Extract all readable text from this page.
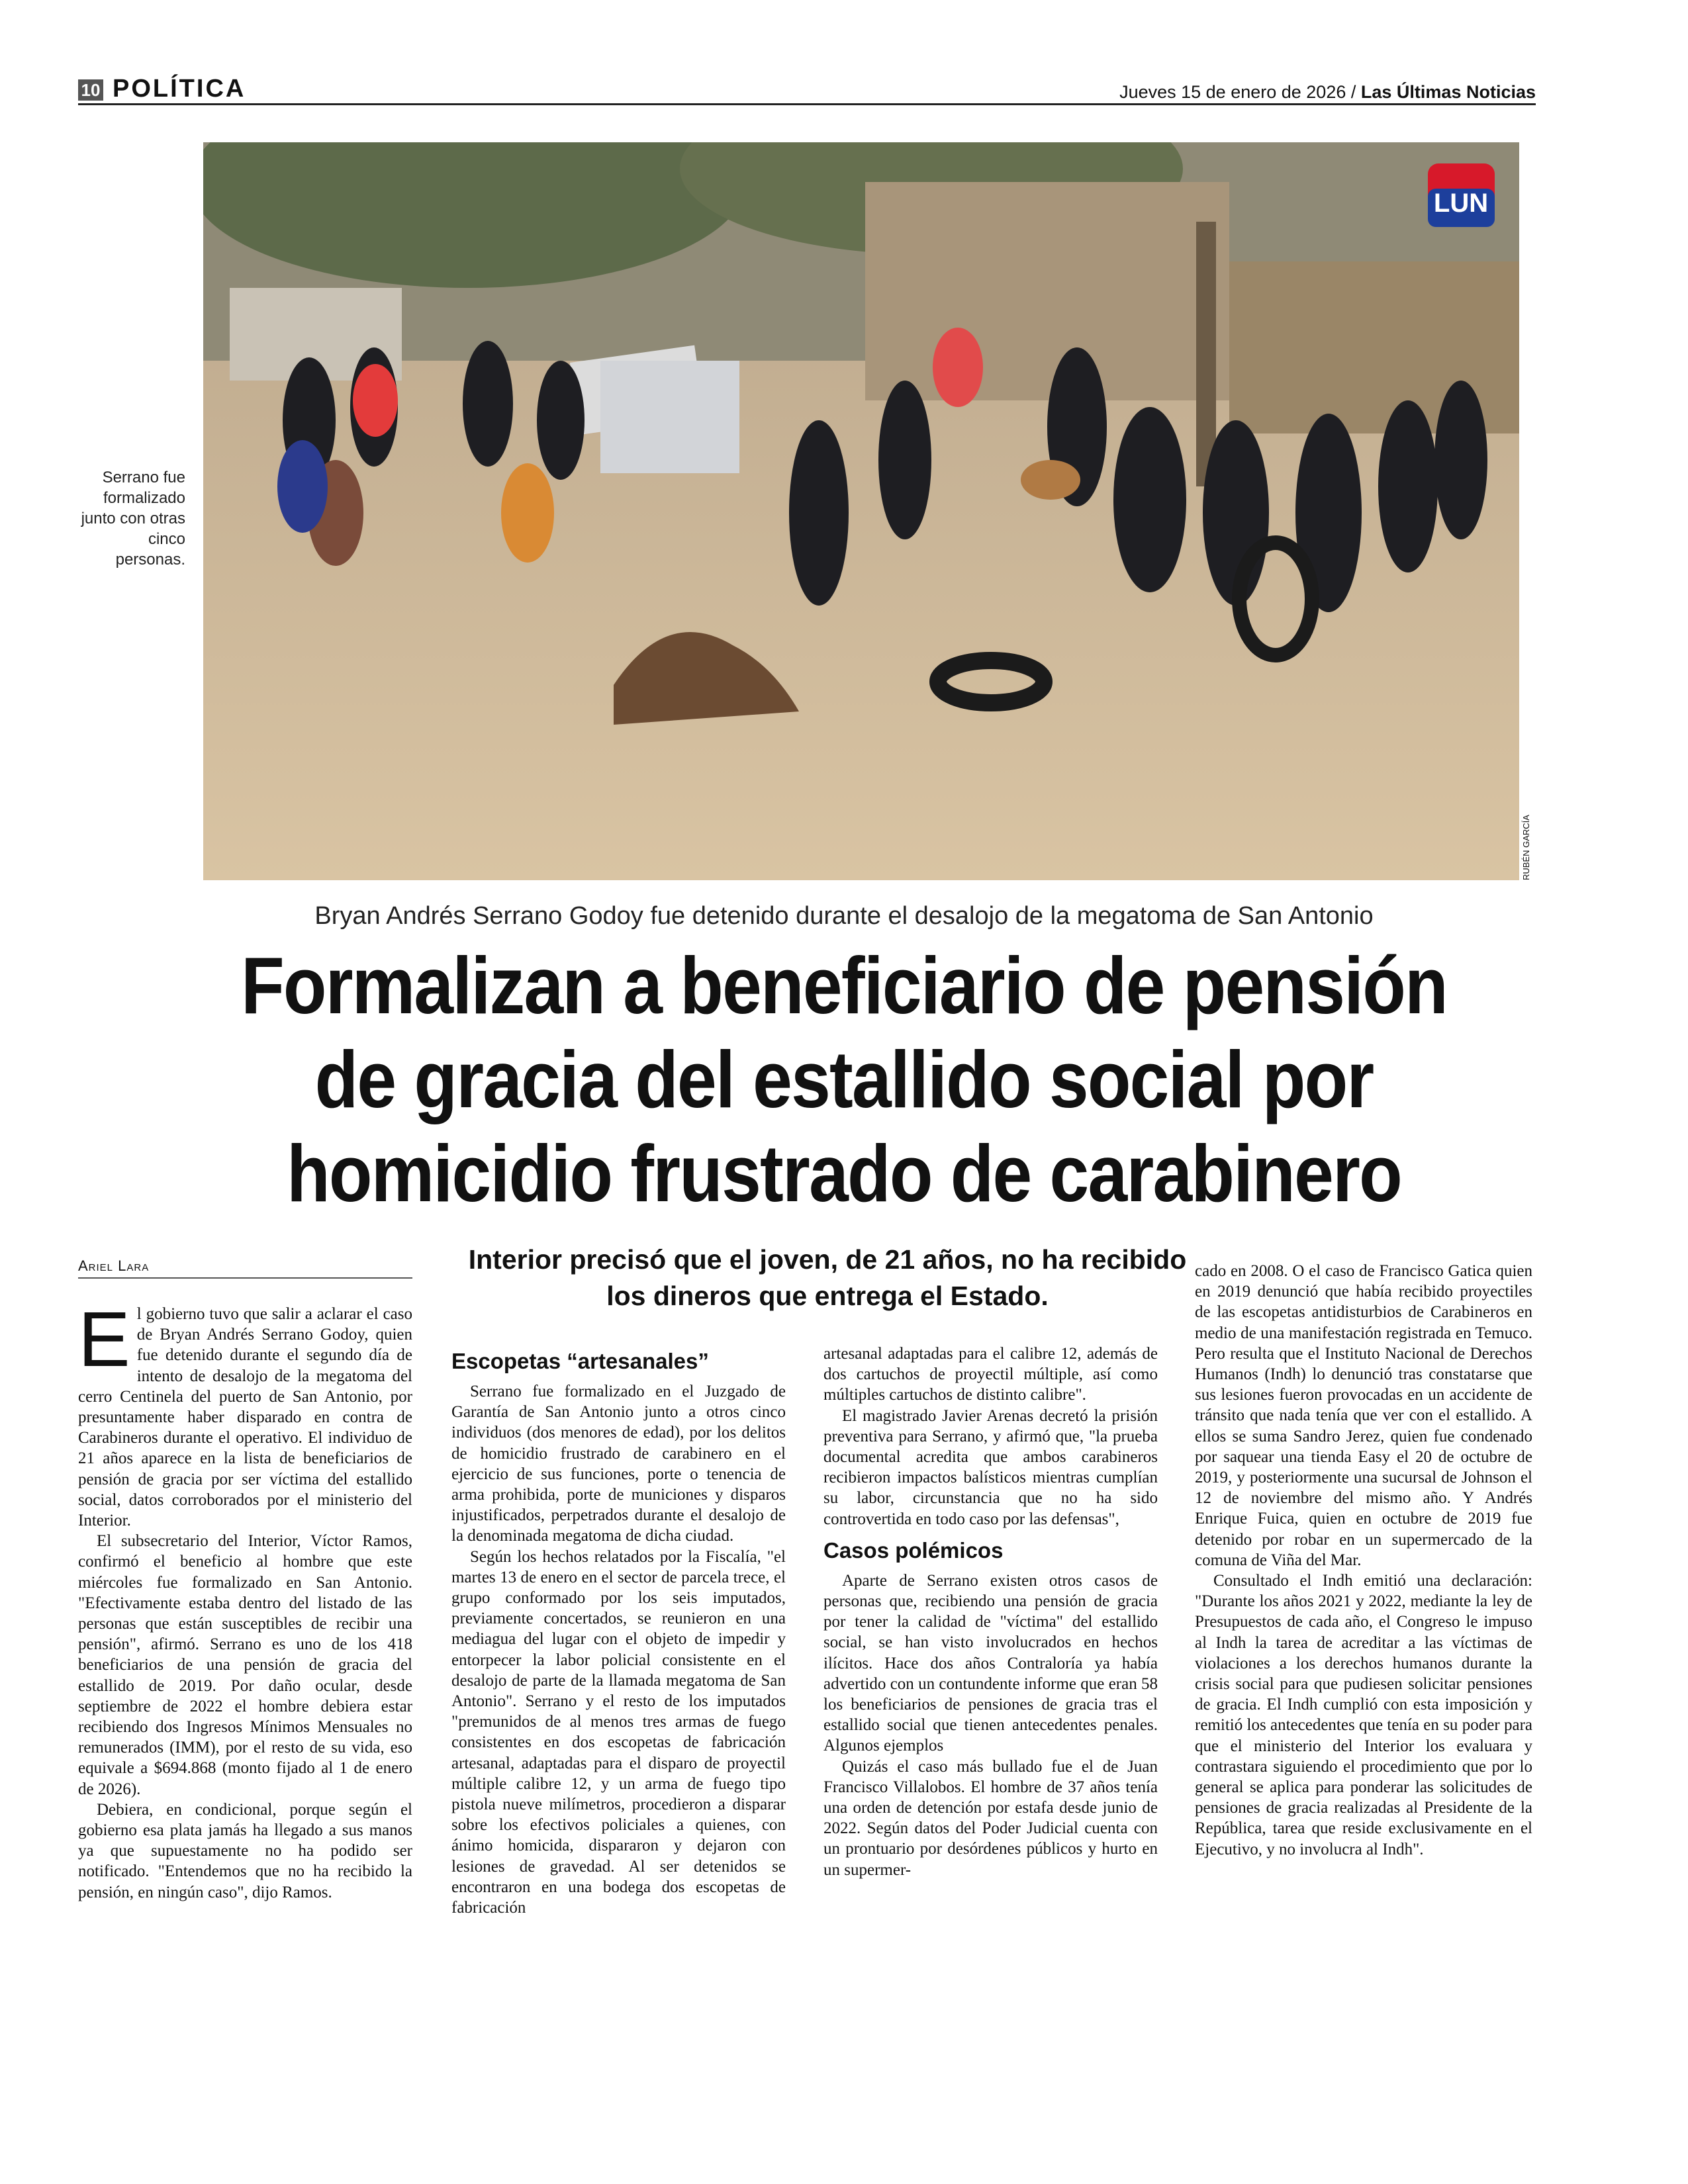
10 POLÍTICA	Jueves 15 de enero de 2026 / Las Últimas Noticias
LUN
RUBÉN GARCÍA
Serrano fue formalizado junto con otras cinco personas.
Bryan Andrés Serrano Godoy fue detenido durante el desalojo de la megatoma de San Antonio
Formalizan a beneficiario de pensión
de gracia del estallido social por
homicidio frustrado de carabinero
Ariel Lara	Interior precisó que el joven, de 21 años, no ha recibido los dineros que entrega el Estado.

El gobierno tuvo que salir a aclarar el caso de Bryan Andrés Serrano Godoy, quien fue detenido durante el segundo día de intento de desalojo de la megatoma del cerro Centinela del puerto de San Antonio, por presuntamente haber disparado en contra de Carabineros durante el operativo. El individuo de 21 años aparece en la lista de beneficiarios de pensión de gracia por ser víctima del estallido social, datos corroborados por el ministerio del Interior.

El subsecretario del Interior, Víctor Ramos, confirmó el beneficio al hombre que este miércoles fue formalizado en San Antonio. "Efectivamente estaba dentro del listado de las personas que están susceptibles de recibir una pensión", afirmó. Serrano es uno de los 418 beneficiarios de una pensión de gracia del estallido de 2019. Por daño ocular, desde septiembre de 2022 el hombre debiera estar recibiendo dos Ingresos Mínimos Mensuales no remunerados (IMM), por el resto de su vida, eso equivale a $694.868 (monto fijado al 1 de enero de 2026).

Debiera, en condicional, porque según el gobierno esa plata jamás ha llegado a sus manos ya que supuestamente no ha podido ser notificado. "Entendemos que no ha recibido la pensión, en ningún caso", dijo Ramos.

Escopetas “artesanales”

Serrano fue formalizado en el Juzgado de Garantía de San Antonio junto a otros cinco individuos (dos menores de edad), por los delitos de homicidio frustrado de carabinero en el ejercicio de sus funciones, porte o tenencia de arma prohibida, porte de municiones y disparos injustificados, perpetrados durante el desalojo de la denominada megatoma de dicha ciudad.

Según los hechos relatados por la Fiscalía, "el martes 13 de enero en el sector de parcela trece, el grupo conformado por los seis imputados, previamente concertados, se reunieron en una mediagua del lugar con el objeto de impedir y entorpecer la labor policial consistente en el desalojo de parte de la llamada megatoma de San Antonio". Serrano y el resto de los imputados "premunidos de al menos tres armas de fuego consistentes en dos escopetas de fabricación artesanal, adaptadas para el disparo de proyectil múltiple calibre 12, y un arma de fuego tipo pistola nueve milímetros, procedieron a disparar sobre los efectivos policiales a quienes, con ánimo homicida, dispararon y dejaron con lesiones de gravedad. Al ser detenidos se encontraron en una bodega dos escopetas de fabricación

artesanal adaptadas para el calibre 12, además de dos cartuchos de proyectil múltiple, así como múltiples cartuchos de distinto calibre".

El magistrado Javier Arenas decretó la prisión preventiva para Serrano, y afirmó que, "la prueba documental acredita que ambos carabineros recibieron impactos balísticos mientras cumplían su labor, circunstancia que no ha sido controvertida en todo caso por las defensas",

Casos polémicos

Aparte de Serrano existen otros casos de personas que, recibiendo una pensión de gracia por tener la calidad de "víctima" del estallido social, se han visto involucrados en hechos ilícitos. Hace dos años Contraloría ya había advertido con un contundente informe que eran 58 los beneficiarios de pensiones de gracia tras el estallido social que tienen antecedentes penales. Algunos ejemplos

Quizás el caso más bullado fue el de Juan Francisco Villalobos. El hombre de 37 años tenía una orden de detención por estafa desde junio de 2022. Según datos del Poder Judicial cuenta con un prontuario por desórdenes públicos y hurto en un supermer-

cado en 2008. O el caso de Francisco Gatica quien en 2019 denunció que había recibido proyectiles de las escopetas antidisturbios de Carabineros en medio de una manifestación registrada en Temuco. Pero resulta que el Instituto Nacional de Derechos Humanos (Indh) lo denunció tras constatarse que sus lesiones fueron provocadas en un accidente de tránsito que nada tenía que ver con el estallido. A ellos se suma Sandro Jerez, quien fue condenado por saquear una tienda Easy el 20 de octubre de 2019, y posteriormente una sucursal de Johnson el 12 de noviembre del mismo año. Y Andrés Enrique Fuica, quien en octubre de 2019 fue detenido por robar en un supermercado de la comuna de Viña del Mar.

Consultado el Indh emitió una declaración: "Durante los años 2021 y 2022, mediante la ley de Presupuestos de cada año, el Congreso le impuso al Indh la tarea de acreditar a las víctimas de violaciones a los derechos humanos durante la crisis social para que pudiesen solicitar pensiones de gracia. El Indh cumplió con esta imposición y remitió los antecedentes que tenía en su poder para que el ministerio del Interior los evaluara y contrastara siguiendo el procedimiento que por lo general se aplica para ponderar las solicitudes de pensiones de gracia realizadas al Presidente de la República, tarea que reside exclusivamente en el Ejecutivo, y no involucra al Indh".
